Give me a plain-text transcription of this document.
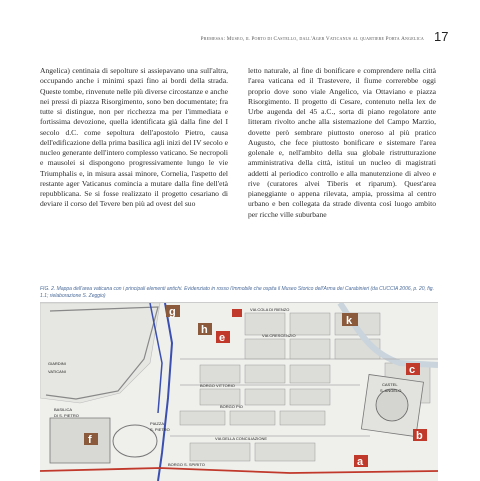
Premessa: Museo, il Porto di Castello, dall'Ager Vaticanus al quartiere Porta Angelica 17

Angelica) centinaia di sepolture si assiepavano una sull'altra, occupando anche i minimi spazi fino ai bordi della strada. Queste tombe, rinvenute nelle più diverse circostanze e anche nei pressi di piazza Risorgimento, sono ben documentate; fra tutte si distingue, non per ricchezza ma per l'immediata e fortissima devozione, quella identificata già dalla fine del I secolo d.C. come sepoltura dell'apostolo Pietro, causa dell'edificazione della prima basilica agli inizi del IV secolo e nucleo generante dell'intero complesso vaticano. Se necropoli e mausolei si dispongono progressivamente lungo le vie Triumphalis e, in misura assai minore, Cornelia, l'aspetto del restante ager Vaticanus comincia a mutare dalla fine dell'età repubblicana. Se si fosse realizzato il progetto cesariano di deviare il corso del Tevere ben più ad ovest del suo

letto naturale, al fine di bonificare e comprendere nella città l'area vaticana ed il Trastevere, il fiume correrebbe oggi proprio dove sono viale Angelico, via Ottaviano e piazza Risorgimento. Il progetto di Cesare, contenuto nella lex de Urbe augenda del 45 a.C., sorta di piano regolatore ante litteram rivolto anche alla sistemazione del Campo Marzio, dovette però sembrare piuttosto oneroso al più pratico Augusto, che fece piuttosto bonificare e sistemare l'area golenale e, nell'ambito della sua globale ristrutturazione amministrativa della città, istituì un nucleo di magistrati addetti al periodico controllo e alla manutenzione di alveo e rive (curatores alvei Tiberis et riparum). Quest'area pianeggiante o appena rilevata, ampia, prossima al centro urbano e ben collegata da strade diventa così luogo ambito per ricche ville suburbane

FIG. 2. Mappa dell'area vaticana con i principali elementi antichi. Evidenziato in rosso l'immobile che ospita il Museo Storico dell'Arma dei Carabinieri (da CUCCIA 2006, p. 20, fig. 1.1; rielaborazione S. Zeggio)
GIARDINI
VATICANI
BASILICA
DI S. PIETRO
PIAZZA
S. PIETRO
VIA COLA DI RIENZO
VIA CRESCENZIO
BORGO VITTORIO
BORGO PIO
BORGO S. SPIRITO
VIA DELLA CONCILIAZIONE
CASTEL
S. ANGELO
g
h
e
k
c
f	b
a
